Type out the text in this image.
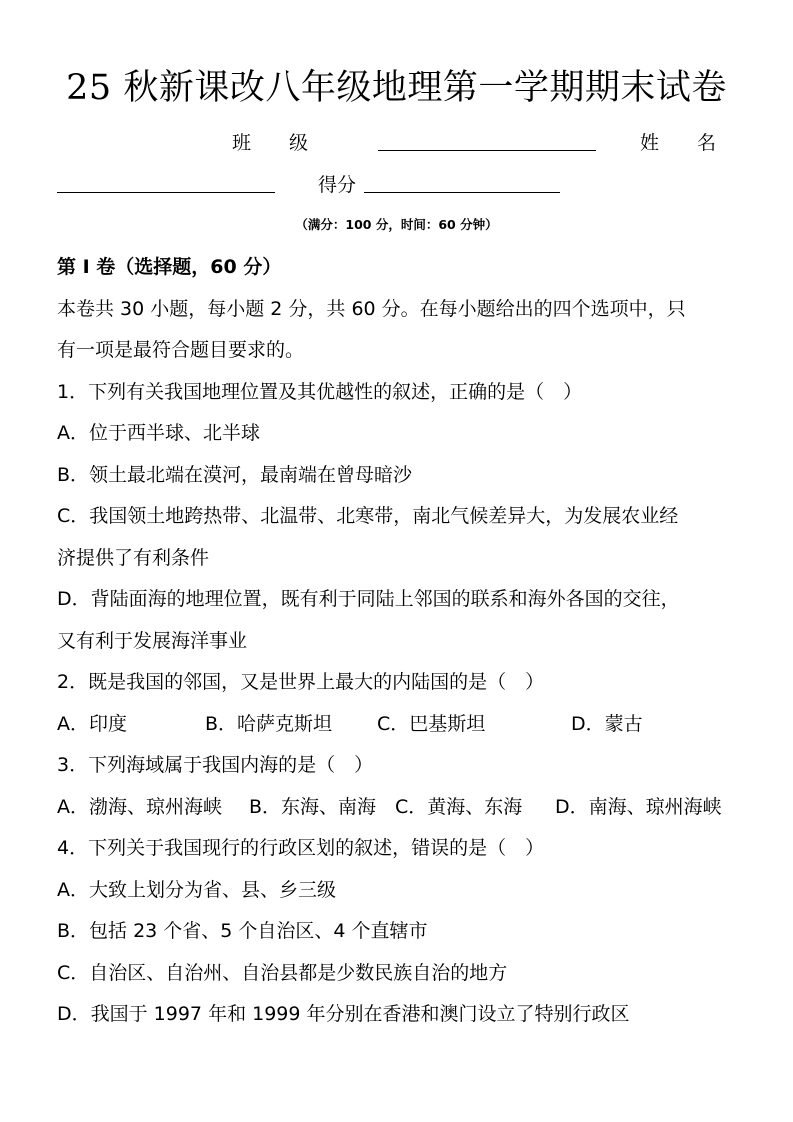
25 秋新课改八年级地理第一学期期末试卷
班　　级	姓　　名
得分
（满分：100 分，时间：60 分钟）
第 I 卷（选择题，60 分）
本卷共 30 小题，每小题 2 分，共 60 分。在每小题给出的四个选项中，只
有一项是最符合题目要求的。
1．下列有关我国地理位置及其优越性的叙述，正确的是（　）
A．位于西半球、北半球
B．领土最北端在漠河，最南端在曾母暗沙
C．我国领土地跨热带、北温带、北寒带，南北气候差异大，为发展农业经
济提供了有利条件
D．背陆面海的地理位置，既有利于同陆上邻国的联系和海外各国的交往，
又有利于发展海洋事业
2．既是我国的邻国，又是世界上最大的内陆国的是（　）
A．印度	B．哈萨克斯坦	C．巴基斯坦	D．蒙古
3．下列海域属于我国内海的是（　）
A．渤海、琼州海峡	B．东海、南海 C．黄海、东海	D．南海、琼州海峡
4．下列关于我国现行的行政区划的叙述，错误的是（　）
A．大致上划分为省、县、乡三级
B．包括 23 个省、5 个自治区、4 个直辖市
C．自治区、自治州、自治县都是少数民族自治的地方
D．我国于 1997 年和 1999 年分别在香港和澳门设立了特别行政区
